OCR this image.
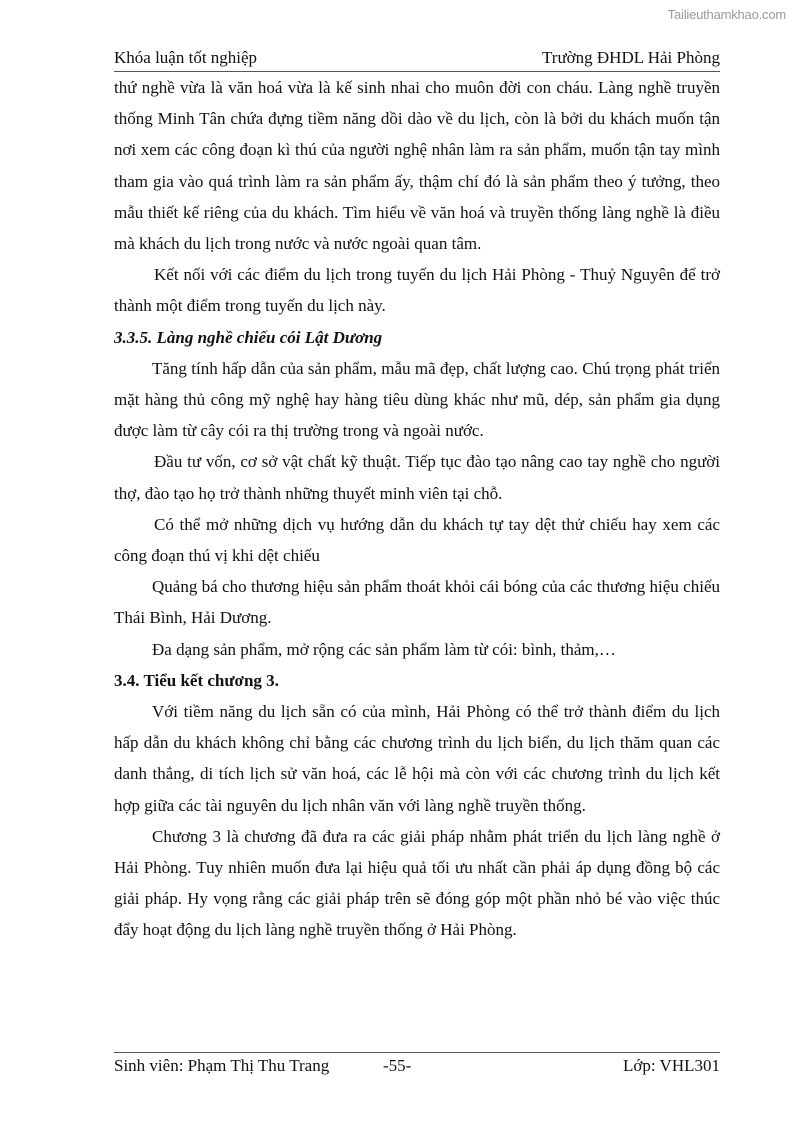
Tailieuthamkhao.com
Khóa luận tốt nghiệp	Trường ĐHDL Hải Phòng

thứ nghề vừa là văn hoá vừa là kế sinh nhai cho muôn đời con cháu. Làng nghề truyền thống Minh Tân chứa đựng tiềm năng dồi dào về du lịch, còn là bởi du khách muốn tận nơi xem các công đoạn kì thú của người nghệ nhân làm ra sản phẩm, muốn tận tay mình tham gia vào quá trình làm ra sản phẩm ấy, thậm chí đó là sản phẩm theo ý tưởng, theo mẫu thiết kế riêng của du khách. Tìm hiểu về văn hoá và truyền thống làng nghề là điều mà khách du lịch trong nước và nước ngoài quan tâm.

Kết nối với các điểm du lịch trong tuyến du lịch Hải Phòng - Thuỷ Nguyên để trở thành một điểm trong tuyến du lịch này.

3.3.5. Làng nghề chiếu cói Lật Dương

Tăng tính hấp dẫn của sản phẩm, mẫu mã đẹp, chất lượng cao. Chú trọng phát triển mặt hàng thủ công mỹ nghệ hay hàng tiêu dùng khác như mũ, dép, sản phẩm gia dụng được làm từ cây cói ra thị trường trong và ngoài nước.

Đầu tư vốn, cơ sở vật chất kỹ thuật. Tiếp tục đào tạo nâng cao tay nghề cho người thợ, đào tạo họ trở thành những thuyết minh viên tại chỗ.

Có thể mở những dịch vụ hướng dẫn du khách tự tay dệt thử chiếu hay xem các công đoạn thú vị khi dệt chiếu

Quảng bá cho thương hiệu sản phẩm thoát khỏi cái bóng của các thương hiệu chiếu Thái Bình, Hải Dương.

Đa dạng sản phẩm, mở rộng các sản phẩm làm từ cói: bình, thảm,…

3.4. Tiểu kết chương 3.

Với tiềm năng du lịch sẵn có của mình, Hải Phòng có thể trở thành điểm du lịch hấp dẫn du khách không chỉ bằng các chương trình du lịch biển, du lịch thăm quan các danh thắng, di tích lịch sử văn hoá, các lễ hội mà còn với các chương trình du lịch kết hợp giữa các tài nguyên du lịch nhân văn với làng nghề truyền thống.

Chương 3 là chương đã đưa ra các giải pháp nhằm phát triển du lịch làng nghề ở Hải Phòng. Tuy nhiên muốn đưa lại hiệu quả tối ưu nhất cần phải áp dụng đồng bộ các giải pháp. Hy vọng rằng các giải pháp trên sẽ đóng góp một phần nhỏ bé vào việc thúc đẩy hoạt động du lịch làng nghề truyền thống ở Hải Phòng.

Sinh viên: Phạm Thị Thu Trang	-55-	Lớp: VHL301
